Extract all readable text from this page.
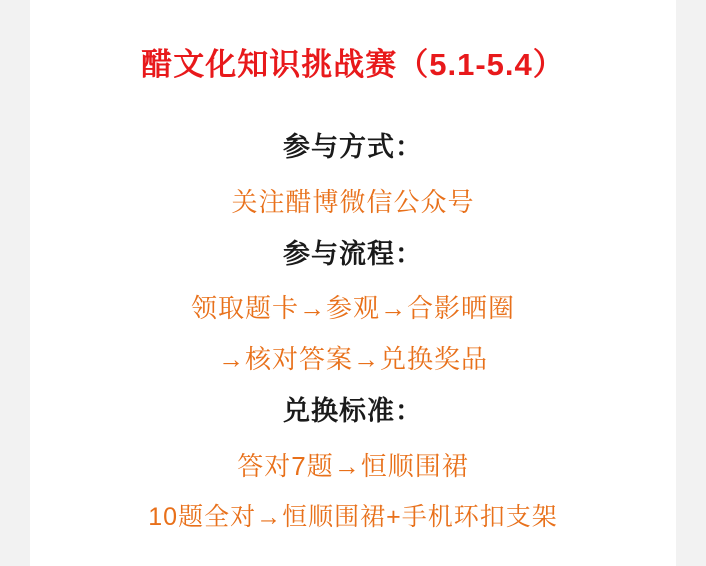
醋文化知识挑战赛（5.1-5.4）
参与方式：
关注醋博微信公众号
参与流程：
领取题卡→参观→合影晒圈
→核对答案→兑换奖品
兑换标准：
答对7题→恒顺围裙
10题全对→恒顺围裙+手机环扣支架
